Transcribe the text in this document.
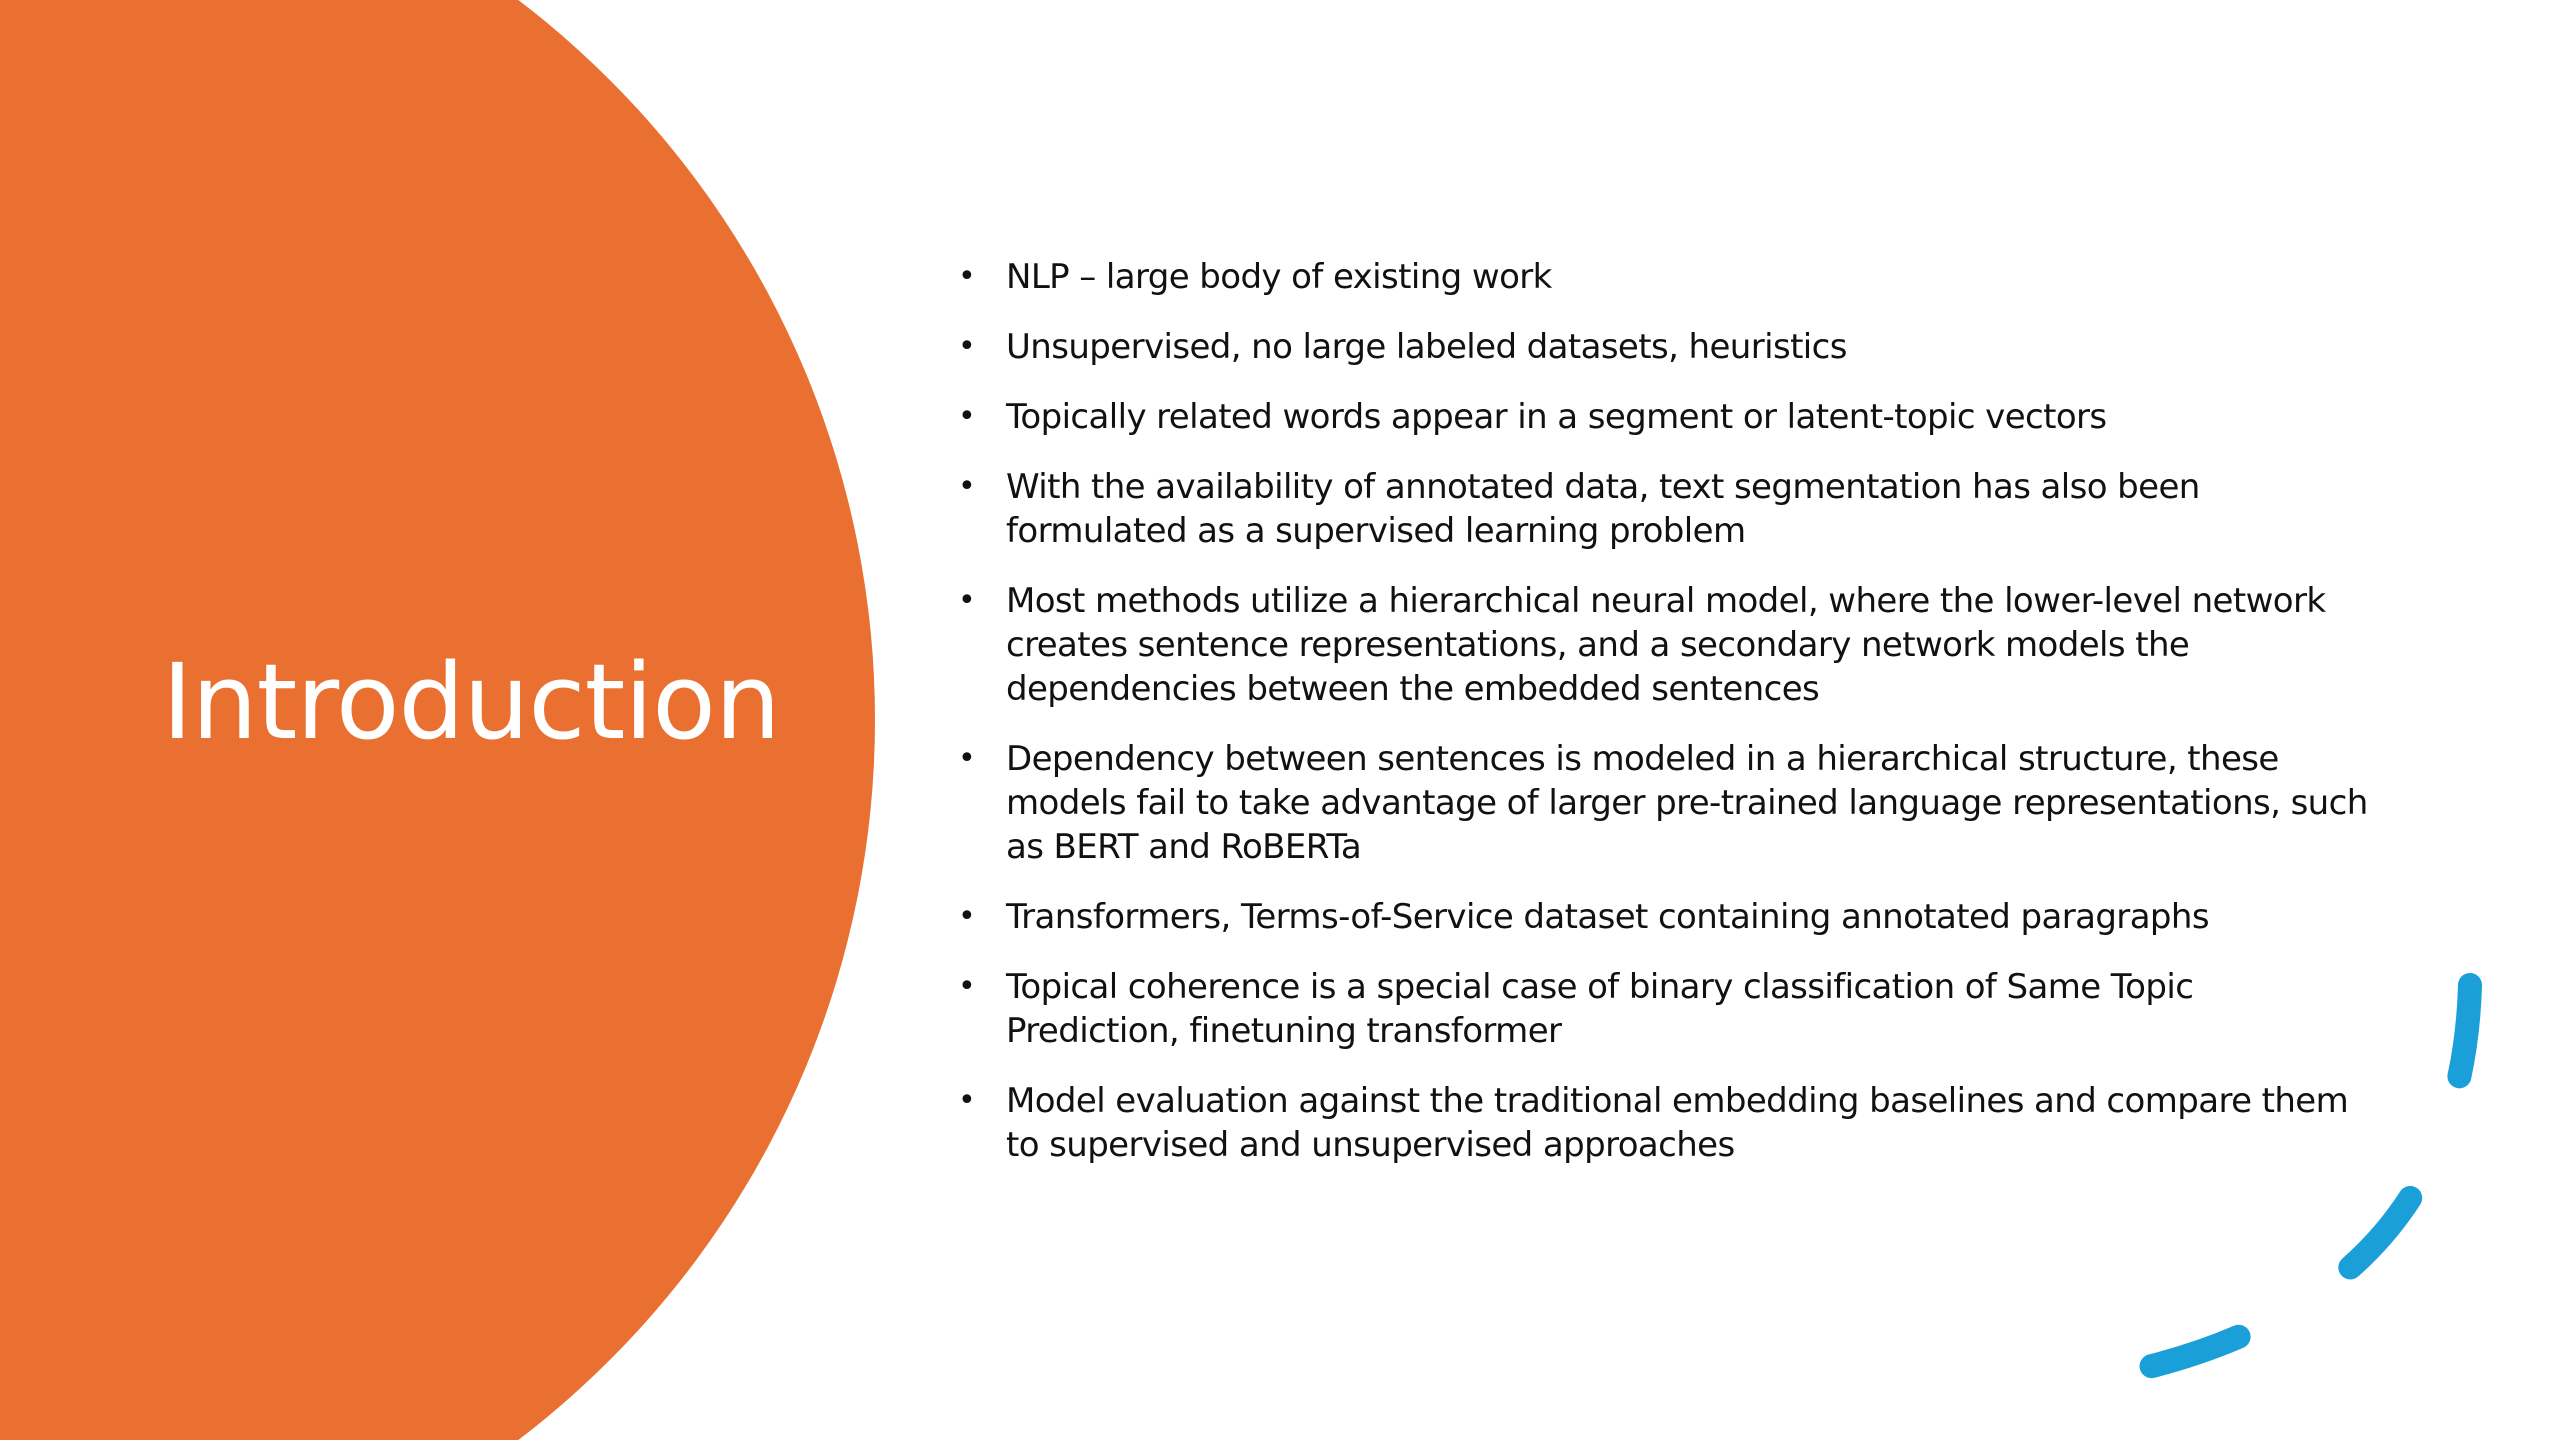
Introduction
• NLP – large body of existing work
• Unsupervised, no large labeled datasets, heuristics
• Topically related words appear in a segment or latent-topic vectors
• With the availability of annotated data, text segmentation has also been formulated as a supervised learning problem
• Most methods utilize a hierarchical neural model, where the lower-level network creates sentence representations, and a secondary network models the dependencies between the embedded sentences
• Dependency between sentences is modeled in a hierarchical structure, these models fail to take advantage of larger pre-trained language representations, such as BERT and RoBERTa
• Transformers, Terms-of-Service dataset containing annotated paragraphs
• Topical coherence is a special case of binary classification of Same Topic Prediction, finetuning transformer
• Model evaluation against the traditional embedding baselines and compare them to supervised and unsupervised approaches
